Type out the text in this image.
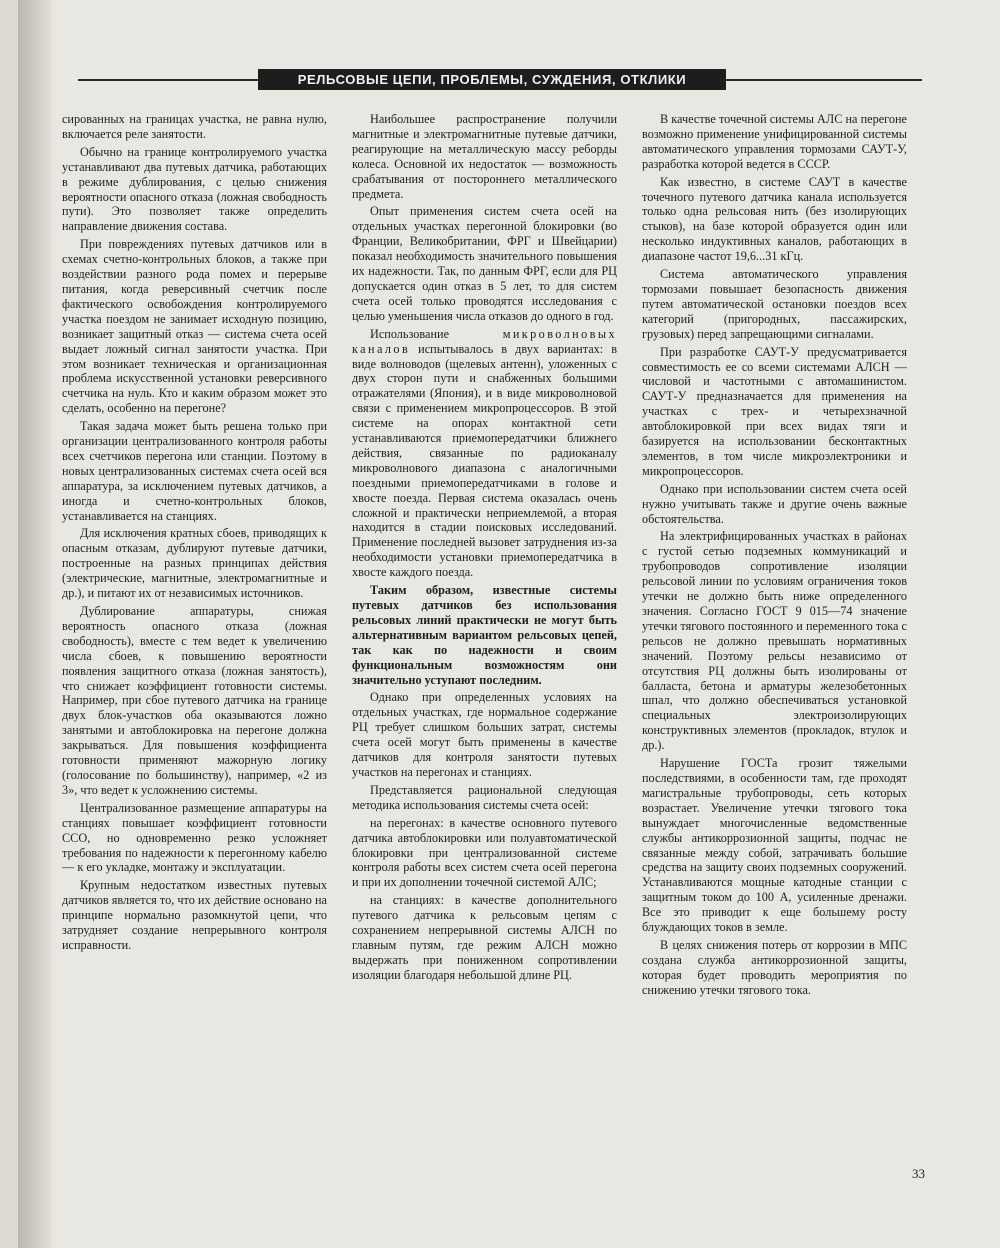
РЕЛЬСОВЫЕ ЦЕПИ, ПРОБЛЕМЫ, СУЖДЕНИЯ, ОТКЛИКИ

сированных на границах участка, не равна нулю, включается реле занятости.

Обычно на границе контролируемого участка устанавливают два путевых датчика, работающих в режиме дублирования, с целью снижения вероятности опасного отказа (ложная свободность пути). Это позволяет также определить направление движения состава.

При повреждениях путевых датчиков или в схемах счетно-контрольных блоков, а также при воздействии разного рода помех и перерыве питания, когда реверсивный счетчик после фактического освобождения контролируемого участка поездом не занимает исходную позицию, возникает защитный отказ — система счета осей выдает ложный сигнал занятости участка. При этом возникает техническая и организационная проблема искусственной установки реверсивного счетчика на нуль. Кто и каким образом может это сделать, особенно на перегоне?

Такая задача может быть решена только при организации централизованного контроля работы всех счетчиков перегона или станции. Поэтому в новых централизованных системах счета осей вся аппаратура, за исключением путевых датчиков, а иногда и счетно-контрольных блоков, устанавливается на станциях.

Для исключения кратных сбоев, приводящих к опасным отказам, дублируют путевые датчики, построенные на разных принципах действия (электрические, магнитные, электромагнитные и др.), и питают их от независимых источников.

Дублирование аппаратуры, снижая вероятность опасного отказа (ложная свободность), вместе с тем ведет к увеличению числа сбоев, к повышению вероятности появления защитного отказа (ложная занятость), что снижает коэффициент готовности системы. Например, при сбое путевого датчика на границе двух блок-участков оба оказываются ложно занятыми и автоблокировка на перегоне должна закрываться. Для повышения коэффициента готовности применяют мажорную логику (голосование по большинству), например, «2 из 3», что ведет к усложнению системы.

Централизованное размещение аппаратуры на станциях повышает коэффициент готовности ССО, но одновременно резко усложняет требования по надежности к перегонному кабелю — к его укладке, монтажу и эксплуатации.

Крупным недостатком известных путевых датчиков является то, что их действие основано на принципе нормально разомкнутой цепи, что затрудняет создание непрерывного контроля исправности.

Наибольшее распространение получили магнитные и электромагнитные путевые датчики, реагирующие на металлическую массу реборды колеса. Основной их недостаток — возможность срабатывания от постороннего металлического предмета.

Опыт применения систем счета осей на отдельных участках перегонной блокировки (во Франции, Великобритании, ФРГ и Швейцарии) показал необходимость значительного повышения их надежности. Так, по данным ФРГ, если для РЦ допускается один отказ в 5 лет, то для систем счета осей только проводятся исследования с целью уменьшения числа отказов до одного в год.

Использование	микроволновых каналов испытывалось в двух вариантах: в виде волноводов (щелевых антенн), уложенных с двух сторон пути и снабженных большими отражателями (Япония), и в виде микроволновой связи с применением микропроцессоров. В этой системе на опорах контактной сети устанавливаются приемопередатчики ближнего действия, связанные по радиоканалу микроволнового диапазона с аналогичными поездными приемопередатчиками в голове и хвосте поезда. Первая система оказалась очень сложной и практически неприемлемой, а вторая находится в стадии поисковых исследований. Применение последней вызовет затруднения из-за необходимости установки приемопередатчика в хвосте каждого поезда.

Таким образом, известные системы путевых датчиков без использования рельсовых линий практически не могут быть альтернативным вариантом рельсовых цепей, так как по надежности и своим функциональным возможностям они значительно уступают последним.

Однако при определенных условиях на отдельных участках, где нормальное содержание РЦ требует слишком больших затрат, системы счета осей могут быть применены в качестве датчиков для контроля занятости путевых участков на перегонах и станциях.

Представляется рациональной следующая методика использования системы счета осей:

на перегонах: в качестве основного путевого датчика автоблокировки или полуавтоматической блокировки при централизованной системе контроля работы всех систем счета осей перегона и при их дополнении точечной системой АЛС;

на станциях: в качестве дополнительного путевого датчика к рельсовым цепям с сохранением непрерывной системы АЛСН по главным путям, где режим АЛСН можно выдержать при пониженном сопротивлении изоляции благодаря небольшой длине РЦ.

В качестве точечной системы АЛС на перегоне возможно применение унифицированной системы автоматического управления тормозами САУТ-У, разработка которой ведется в СССР.

Как известно, в системе САУТ в качестве точечного путевого датчика канала используется только одна рельсовая нить (без изолирующих стыков), на базе которой образуется один или несколько индуктивных каналов, работающих в диапазоне частот 19,6...31 кГц.

Система автоматического управления тормозами повышает безопасность движения путем автоматической остановки поездов всех категорий (пригородных, пассажирских, грузовых) перед запрещающими сигналами.

При разработке САУТ-У предусматривается совместимость ее со всеми системами АЛСН — числовой и частотными с автомашинистом. САУТ-У предназначается для применения на участках с трех- и четырехзначной автоблокировкой при всех видах тяги и базируется на использовании бесконтактных элементов, в том числе микроэлектроники и микропроцессоров.

Однако при использовании систем счета осей нужно учитывать также и другие очень важные обстоятельства.

На электрифицированных участках в районах с густой сетью подземных коммуникаций и трубопроводов сопротивление изоляции рельсовой линии по условиям ограничения токов утечки не должно быть ниже определенного значения. Согласно ГОСТ 9 015—74 значение утечки тягового постоянного и переменного тока с рельсов не должно превышать нормативных значений. Поэтому рельсы независимо от отсутствия РЦ должны быть изолированы от балласта, бетона и арматуры железобетонных шпал, что должно обеспечиваться установкой специальных электроизолирующих конструктивных элементов (прокладок, втулок и др.).

Нарушение ГОСТа грозит тяжелыми последствиями, в особенности там, где проходят магистральные трубопроводы, сеть которых возрастает. Увеличение утечки тягового тока вынуждает многочисленные ведомственные службы антикоррозионной защиты, подчас не связанные между собой, затрачивать большие средства на защиту своих подземных сооружений. Устанавливаются мощные катодные станции с защитным током до 100 А, усиленные дренажи. Все это приводит к еще большему росту блуждающих токов в земле.

В целях снижения потерь от коррозии в МПС создана служба антикоррозионной защиты, которая будет проводить мероприятия по снижению утечки тягового тока.

33
